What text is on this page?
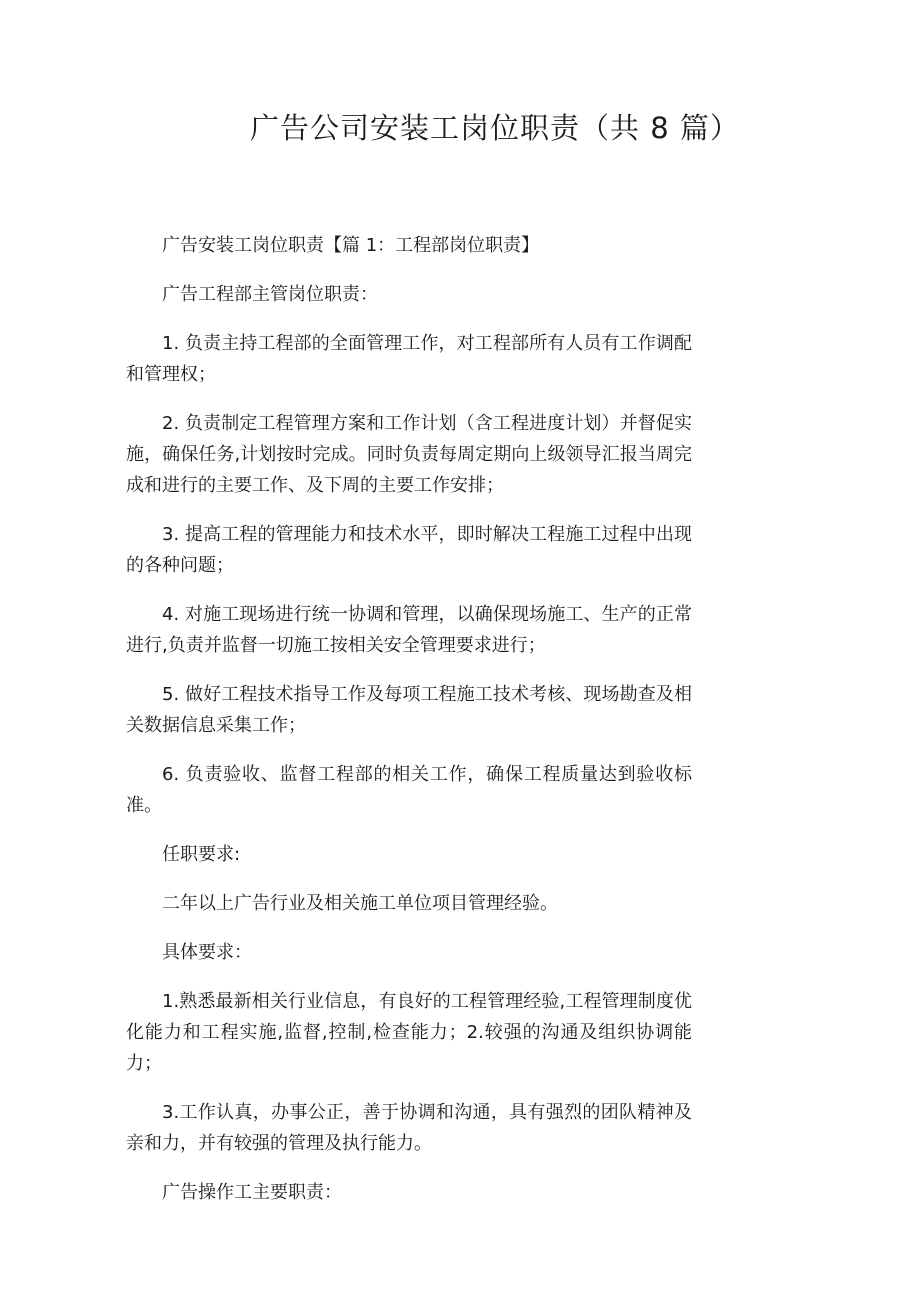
广告公司安装工岗位职责（共 8 篇）

广告安装工岗位职责【篇 1：工程部岗位职责】

广告工程部主管岗位职责：

1. 负责主持工程部的全面管理工作，对工程部所有人员有工作调配和管理权；

2. 负责制定工程管理方案和工作计划（含工程进度计划）并督促实施，确保任务,计划按时完成。同时负责每周定期向上级领导汇报当周完成和进行的主要工作、及下周的主要工作安排；

3. 提高工程的管理能力和技术水平，即时解决工程施工过程中出现的各种问题；

4. 对施工现场进行统一协调和管理，以确保现场施工、生产的正常进行,负责并监督一切施工按相关安全管理要求进行；

5. 做好工程技术指导工作及每项工程施工技术考核、现场勘查及相关数据信息采集工作；

6. 负责验收、监督工程部的相关工作，确保工程质量达到验收标准。

任职要求:

二年以上广告行业及相关施工单位项目管理经验。

具体要求：

1.熟悉最新相关行业信息，有良好的工程管理经验,工程管理制度优化能力和工程实施,监督,控制,检查能力；2.较强的沟通及组织协调能力；

3.工作认真，办事公正，善于协调和沟通，具有强烈的团队精神及亲和力，并有较强的管理及执行能力。

广告操作工主要职责：
